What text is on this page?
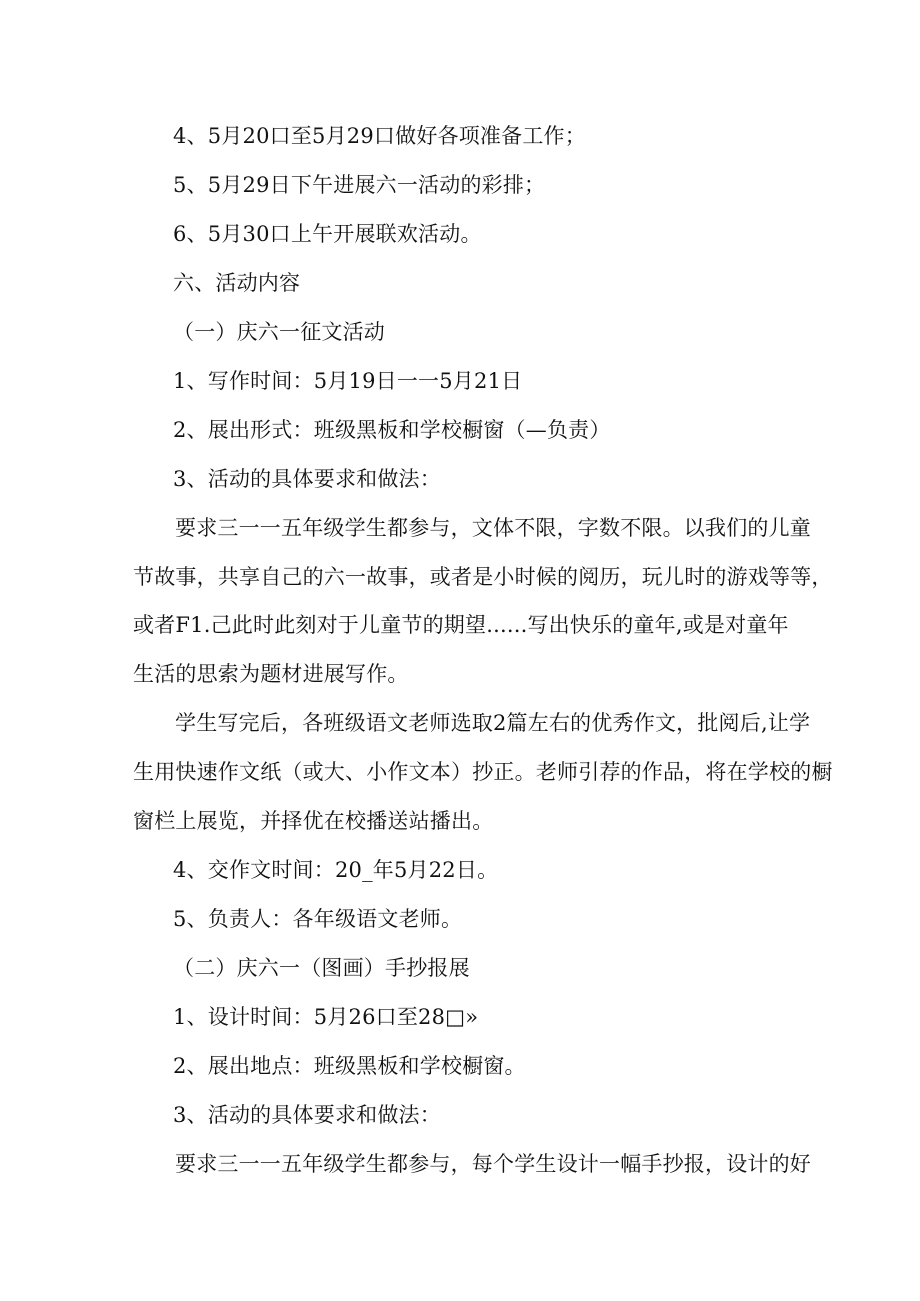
4、5月20口至5月29口做好各项准备工作；
5、5月29日下午进展六一活动的彩排；
6、5月30口上午开展联欢活动。
六、活动内容
（一）庆六一征文活动
1、写作时间：5月19日一一5月21日
2、展出形式：班级黑板和学校橱窗（—负责）
3、活动的具体要求和做法：
要求三一一五年级学生都参与，文体不限，字数不限。以我们的儿童
节故事，共享自己的六一故事，或者是小时候的阅历，玩儿时的游戏等等，
或者F1.己此时此刻对于儿童节的期望......写出快乐的童年,或是对童年
生活的思索为题材进展写作。
学生写完后，各班级语文老师选取2篇左右的优秀作文，批阅后,让学
生用快速作文纸（或大、小作文本）抄正。老师引荐的作品，将在学校的橱
窗栏上展览，并择优在校播送站播出。
4、交作文时间：20_年5月22日。
5、负责人：各年级语文老师。
（二）庆六一（图画）手抄报展
1、设计时间：5月26口至28□»
2、展出地点：班级黑板和学校橱窗。
3、活动的具体要求和做法：
要求三一一五年级学生都参与，每个学生设计一幅手抄报，设计的好
